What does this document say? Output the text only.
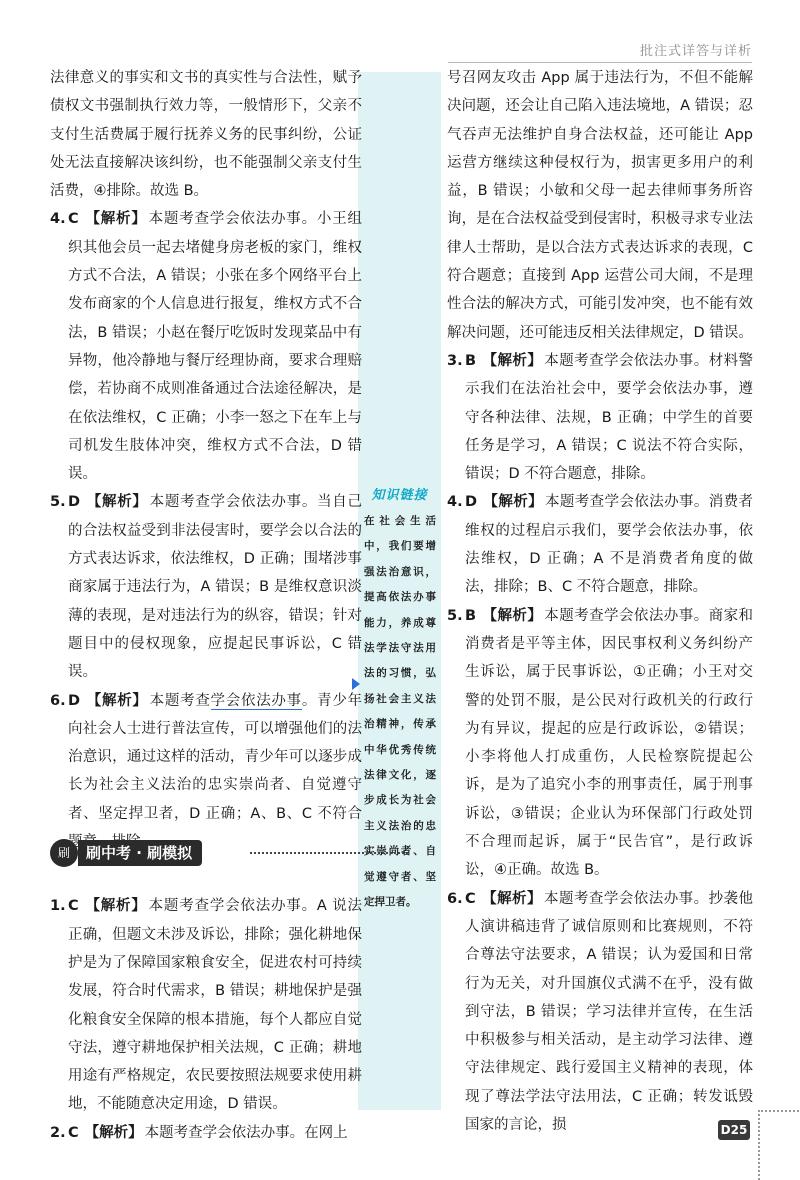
批注式详答与详析
知识链接
在社会生活中，我们要增强法治意识，提高依法办事能力，养成尊法学法守法用法的习惯，弘扬社会主义法治精神，传承中华优秀传统法律文化，逐步成长为社会主义法治的忠实崇尚者、自觉遵守者、坚定捍卫者。

法律意义的事实和文书的真实性与合法性，赋予债权文书强制执行效力等，一般情形下，父亲不支付生活费属于履行抚养义务的民事纠纷，公证处无法直接解决该纠纷，也不能强制父亲支付生活费，④排除。故选 B。

4. C 【解析】 本题考查学会依法办事。小王组织其他会员一起去堵健身房老板的家门，维权方式不合法，A 错误；小张在多个网络平台上发布商家的个人信息进行报复，维权方式不合法，B 错误；小赵在餐厅吃饭时发现菜品中有异物，他冷静地与餐厅经理协商，要求合理赔偿，若协商不成则准备通过合法途径解决，是在依法维权，C 正确；小李一怒之下在车上与司机发生肢体冲突，维权方式不合法，D 错误。

5. D 【解析】 本题考查学会依法办事。当自己的合法权益受到非法侵害时，要学会以合法的方式表达诉求，依法维权，D 正确；围堵涉事商家属于违法行为，A 错误；B 是维权意识淡薄的表现，是对违法行为的纵容，错误；针对题目中的侵权现象，应提起民事诉讼，C 错误。

6. D 【解析】 本题考查学会依法办事。青少年向社会人士进行普法宣传，可以增强他们的法治意识，通过这样的活动，青少年可以逐步成长为社会主义法治的忠实崇尚者、自觉遵守者、坚定捍卫者，D 正确；A、B、C 不符合题

1. C 【解析】 本题考查学会依法办事。A 说法正确，但题文未涉及诉讼，排除；强化耕地保护是为了保障国家粮食安全，促进农村可持续发展，符合时代需求，B 错误；耕地保护是强化粮食安全保障的根本措施，每个人都应自觉守法，遵守耕地保护相关法规，C 正确；耕地用途有严格规定，农民要按照法规要求使用耕地，不能随意决定用途，D 错误。

2. C 【解析】 本题考查学会依法办事。在网上

刷	刷中考 · 刷模拟

号召网友攻击 App 属于违法行为，不但不能解决问题，还会让自己陷入违法境地，A 错误；忍气吞声无法维护自身合法权益，还可能让 App 运营方继续这种侵权行为，损害更多用户的利益，B 错误；小敏和父母一起去律师事务所咨询，是在合法权益受到侵害时，积极寻求专业法律人士帮助，是以合法方式表达诉求的表现，C 符合题意；直接到 App 运营公司大闹，不是理性合法的解决方式，可能引发冲突，也不能有效解决问题，还可能违反相关法律规定，D 错误。

3. B 【解析】 本题考查学会依法办事。材料警示我们在法治社会中，要学会依法办事，遵守各种法律、法规，B 正确；中学生的首要任务是学习，A 错误；C 说法不符合实际，错误；D 不符合题意，排除。

4. D 【解析】 本题考查学会依法办事。消费者维权的过程启示我们，要学会依法办事，依法维权，D 正确；A 不是消费者角度的做法，排除；B、C 不符合题意，排除。

5. B 【解析】 本题考查学会依法办事。商家和消费者是平等主体，因民事权利义务纠纷产生诉讼，属于民事诉讼，①正确；小王对交警的处罚不服，是公民对行政机关的行政行为有异议，提起的应是行政诉讼，②错误；小李将他人打成重伤，人民检察院提起公诉，是为了追究小李的刑事责任，属于刑事诉讼，③错误；企业认为环保部门行政处罚不合理而起诉，属于“民告官”，是行政诉讼，④正确。故选 B。

6. C 【解析】 本题考查学会依法办事。抄袭他人演讲稿违背了诚信原则和比赛规则，不符合尊法守法要求，A 错误；认为爱国和日常行为无关，对升国旗仪式满不在乎，没有做到守法，B 错误；学习法律并宣传，在生活中积极参与相关活动，是主动学习法律、遵守法律规定、践行爱国主义精神的表现，体现了尊法学法守法用法，C 正确；转发诋毁国家的言论，损	D25
